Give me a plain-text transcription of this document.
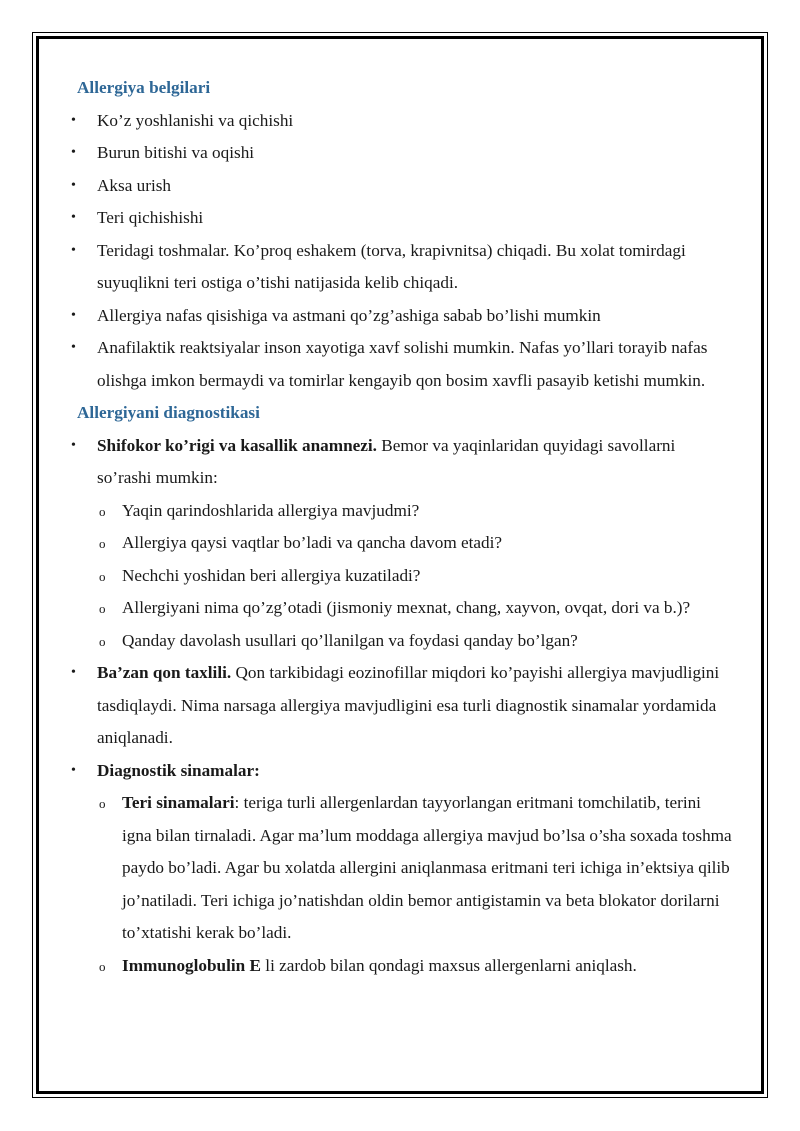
Allergiya belgilari
• Ko’z yoshlanishi va qichishi
• Burun bitishi va oqishi
• Aksa urish
• Teri qichishishi
• Teridagi toshmalar. Ko’proq eshakem (torva, krapivnitsa) chiqadi. Bu xolat tomirdagi suyuqlikni teri ostiga o’tishi natijasida kelib chiqadi.
• Allergiya nafas qisishiga va astmani qo’zg’ashiga sabab bo’lishi mumkin
• Anafilaktik reaktsiyalar inson xayotiga xavf solishi mumkin. Nafas yo’llari torayib nafas olishga imkon bermaydi va tomirlar kengayib qon bosim xavfli pasayib ketishi mumkin.
Allergiyani diagnostikasi
• Shifokor ko’rigi va kasallik anamnezi. Bemor va yaqinlaridan quyidagi savollarni so’rashi mumkin:
o Yaqin qarindoshlarida allergiya mavjudmi?
o Allergiya qaysi vaqtlar bo’ladi va qancha davom etadi?
o Nechchi yoshidan beri allergiya kuzatiladi?
o Allergiyani nima qo’zg’otadi (jismoniy mexnat, chang, xayvon, ovqat, dori va b.)?
o Qanday davolash usullari qo’llanilgan va foydasi qanday bo’lgan?
• Ba’zan qon taxlili. Qon tarkibidagi eozinofillar miqdori ko’payishi allergiya mavjudligini tasdiqlaydi. Nima narsaga allergiya mavjudligini esa turli diagnostik sinamalar yordamida aniqlanadi.
• Diagnostik sinamalar:
o Teri sinamalari: teriga turli allergenlardan tayyorlangan eritmani tomchilatib, terini igna bilan tirnaladi. Agar ma’lum moddaga allergiya mavjud bo’lsa o’sha soxada toshma paydo bo’ladi. Agar bu xolatda allergini aniqlanmasa eritmani teri ichiga in’ektsiya qilib jo’natiladi. Teri ichiga jo’natishdan oldin bemor antigistamin va beta blokator dorilarni to’xtatishi kerak bo’ladi.
o Immunoglobulin E li zardob bilan qondagi maxsus allergenlarni aniqlash.
